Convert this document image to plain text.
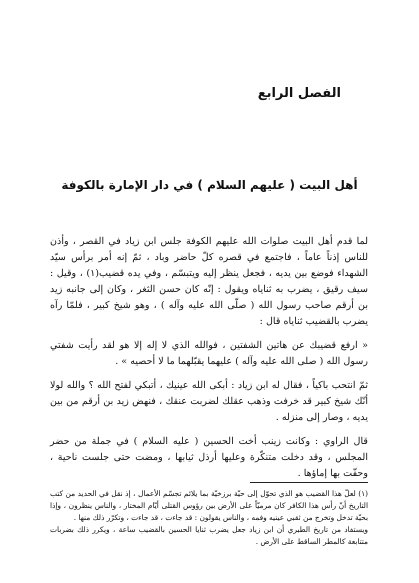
الفصل الرابع
أهل البيت ( عليهم السلام ) في دار الإمارة بالكوفة

لما قدم أهل البيت صلوات الله عليهم الكوفة جلس ابن زياد في القصر ، وأذن للناس إذناً عاماً ، فاجتمع في قصره كلّ حاضر وباد ، ثمّ إنه أمر برأس سيّد الشهداء فوضع بين يديه ، فجعل ينظر إليه ويتبسّم ، وفي يده قضيب(١) ، وقيل : سيف رقيق ، يضرب به ثناياه ويقول : إنّه كان حسن الثغر ، وكان إلى جانبه زيد بن أرقم صاحب رسول الله ( صلّى الله عليه وآله ) ، وهو شيخ كبير ، فلمّا رآه يضرب بالقضيب ثناياه قال :

« ارفع قضيبك عن هاتين الشفتين ، فوالله الذي لا إله إلا هو لقد رأيت شفتي رسول الله ( صلى الله عليه وآله ) عليهما يقبّلهما ما لا أحصيه » .

ثمّ انتحب باكياً ، فقال له ابن زياد : أبكى الله عينيك ، أتبكي لفتح الله ؟ والله لولا أنّك شيخ كبير قد خرفت وذهب عقلك لضربت عنقك ، فنهض زيد بن أرقم من بين يديه ، وصار إلى منزله .

قال الراوي : وكانت زينب أخت الحسين ( عليه السلام ) في جملة من حضر المجلس ، وقد دخلت متنكّرة وعليها أرذل ثيابها ، ومضت حتى جلست ناحية ، وحفّت بها إماؤها .

(١) لعلّ هذا القضيب هو الذي تحوّل إلى حيّة برزخيّة بما يلائم تجسّم الأعمال ، إذ نقل في الحديد من كتب التاريخ أنّ رأس هذا الكافر كان مرميّاً على الأرض بين رؤوس القتلى أيّام المختار ، والناس ينظرون ، وإذا بحيّة تدخل وتخرج من ثقبي عينيه وفمه ، والناس يقولون : قد جاءت ، قد جاءت ، وتكرّر ذلك منها .

ويستفاد من تاريخ الطبري أن ابن زياد جعل يضرب ثنايا الحسين بالقضيب ساعة ، ويكرر ذلك بضربات متتابعة كالمطر الساقط على الأرض .
